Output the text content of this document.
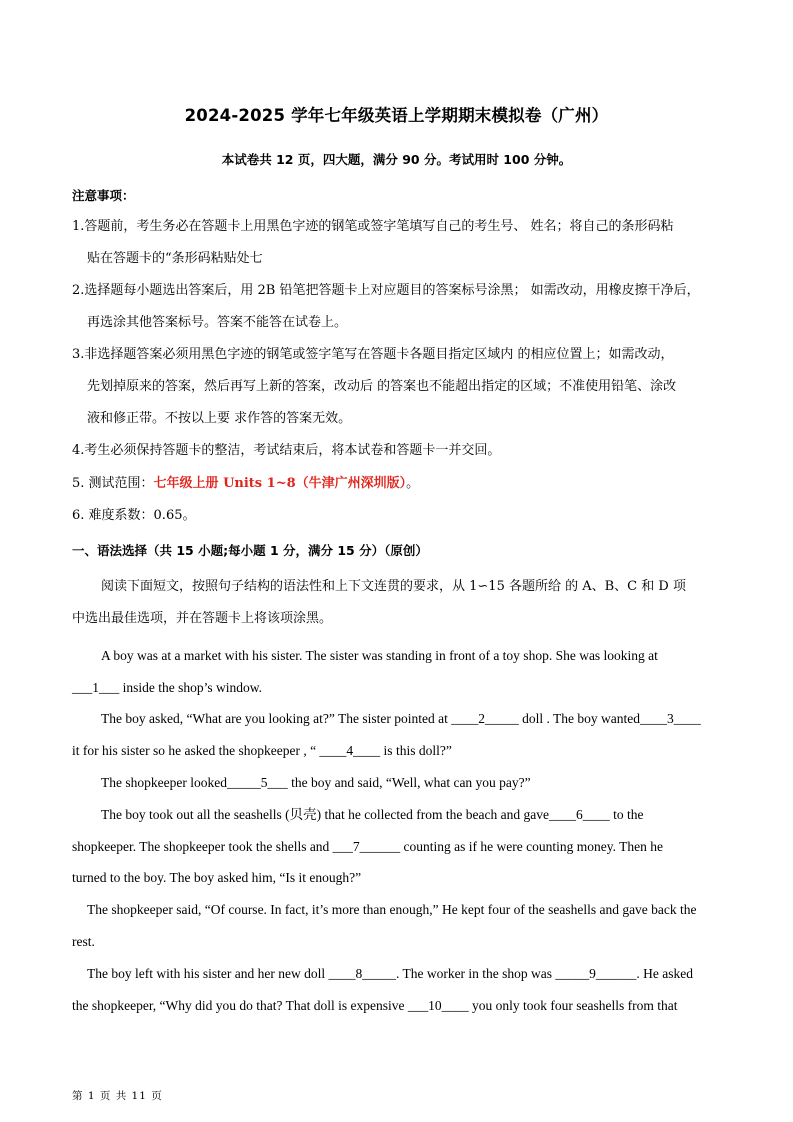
2024-2025 学年七年级英语上学期期末模拟卷（广州）
本试卷共 12 页，四大题，满分 90 分。考试用时 100 分钟。
注意事项：
1.答题前，考生务必在答题卡上用黑色字迹的钢笔或签字笔填写自己的考生号、 姓名；将自己的条形码粘
贴在答题卡的“条形码粘贴处七
2.选择题每小题选出答案后，用 2B 铅笔把答题卡上对应题目的答案标号涂黑； 如需改动，用橡皮擦干净后，
再选涂其他答案标号。答案不能答在试卷上。
3.非选择题答案必须用黑色字迹的钢笔或签字笔写在答题卡各题目指定区域内 的相应位置上；如需改动，
先划掉原来的答案，然后再写上新的答案，改动后 的答案也不能超出指定的区域；不准使用铅笔、涂改
液和修正带。不按以上要 求作答的答案无效。
4.考生必须保持答题卡的整洁，考试结束后，将本试卷和答题卡一并交回。
5. 测试范围：七年级上册 Units 1~8（牛津广州深圳版）。
6. 难度系数：0.65。
一、语法选择（共 15 小题;每小题 1 分，满分 15 分）（原创）
阅读下面短文，按照句子结构的语法性和上下文连贯的要求，从 1∽15 各题所给 的 A、B、C 和 D 项
中选出最佳选项，并在答题卡上将该项涂黑。
A boy was at a market with his sister. The sister was standing in front of a toy shop. She was looking at
___1___ inside the shop’s window.
The boy asked, “What are you looking at?” The sister pointed at ____2_____ doll . The boy wanted____3____
it for his sister so he asked the shopkeeper , “ ____4____ is this doll?”
The shopkeeper looked_____5___ the boy and said, “Well, what can you pay?”
The boy took out all the seashells (贝壳) that he collected from the beach and gave____6____ to the
shopkeeper. The shopkeeper took the shells and ___7______ counting as if he were counting money. Then he
turned to the boy. The boy asked him, “Is it enough?”
The shopkeeper said, “Of course. In fact, it’s more than enough,” He kept four of the seashells and gave back the
rest.
The boy left with his sister and her new doll ____8_____. The worker in the shop was _____9______. He asked
the shopkeeper, “Why did you do that? That doll is expensive ___10____ you only took four seashells from that
第 1 页 共 11 页
